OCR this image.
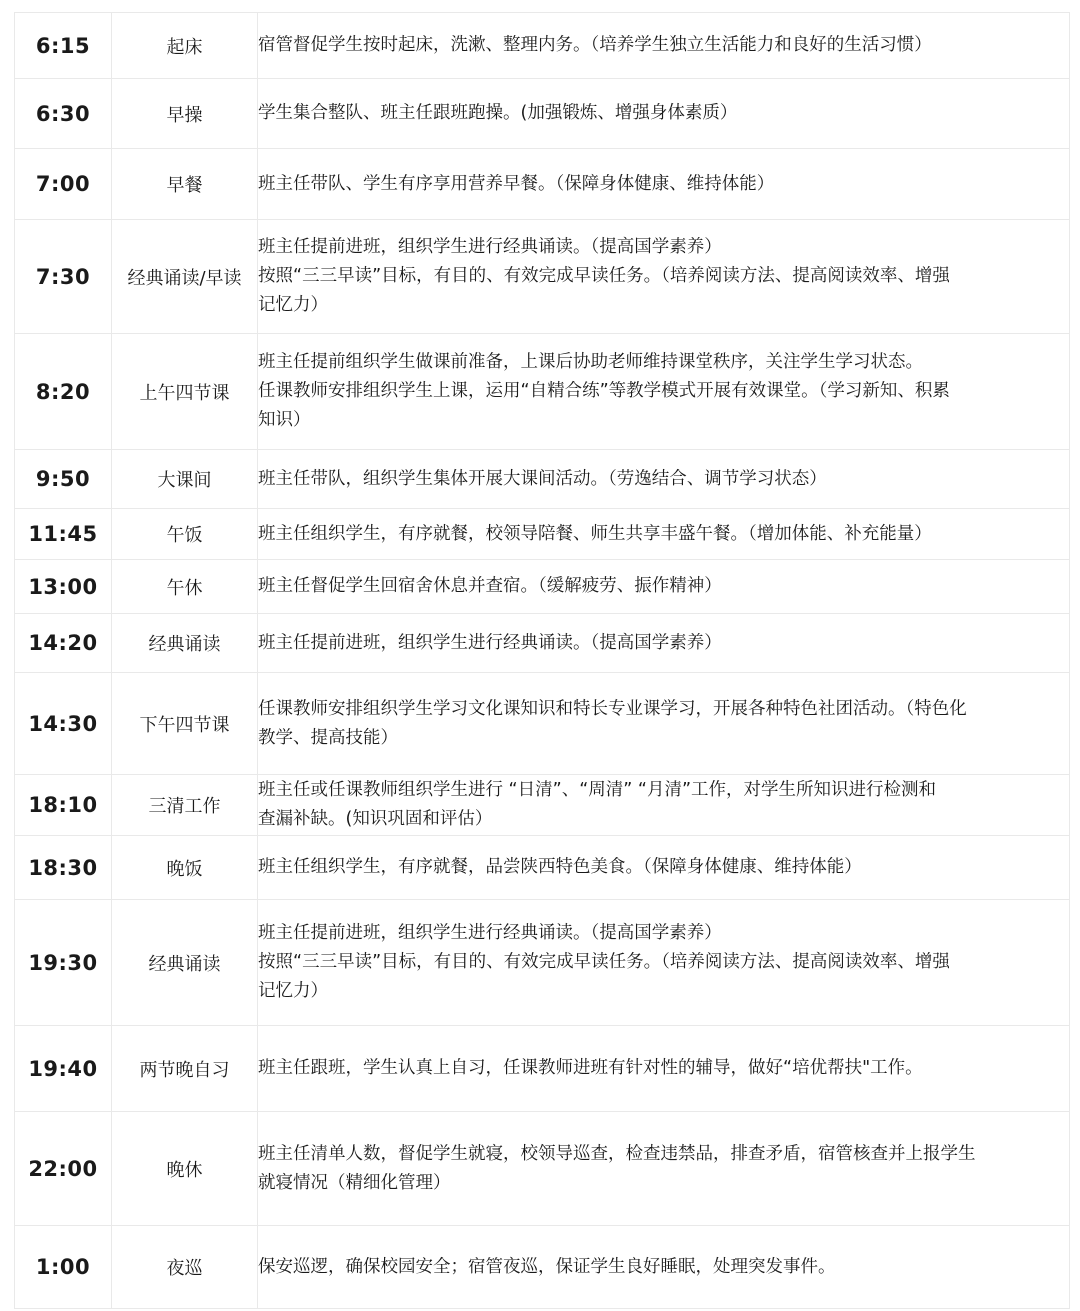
6:15	起床	宿管督促学生按时起床，洗漱、整理内务。（培养学生独立生活能力和良好的生活习惯）

6:30	早操	学生集合整队、班主任跟班跑操。(加强锻炼、增强身体素质）

7:00	早餐	班主任带队、学生有序享用营养早餐。（保障身体健康、维持体能）

7:30	经典诵读/早读	班主任提前进班，组织学生进行经典诵读。（提高国学素养）
按照“三三早读”目标，有目的、有效完成早读任务。（培养阅读方法、提高阅读效率、增强
记忆力）

8:20	上午四节课	班主任提前组织学生做课前准备，上课后协助老师维持课堂秩序，关注学生学习状态。
任课教师安排组织学生上课，运用“自精合练”等教学模式开展有效课堂。（学习新知、积累
知识）

9:50	大课间	班主任带队，组织学生集体开展大课间活动。（劳逸结合、调节学习状态）

11:45	午饭	班主任组织学生，有序就餐，校领导陪餐、师生共享丰盛午餐。（增加体能、补充能量）

13:00	午休	班主任督促学生回宿舍休息并查宿。（缓解疲劳、振作精神）

14:20	经典诵读	班主任提前进班，组织学生进行经典诵读。（提高国学素养）

14:30	下午四节课	任课教师安排组织学生学习文化课知识和特长专业课学习，开展各种特色社团活动。（特色化
教学、提高技能）

18:10	三清工作	班主任或任课教师组织学生进行 “日清”、“周清” “月清”工作，对学生所知识进行检测和
查漏补缺。(知识巩固和评估）

18:30	晚饭	班主任组织学生，有序就餐，品尝陕西特色美食。（保障身体健康、维持体能）

19:30	经典诵读	班主任提前进班，组织学生进行经典诵读。（提高国学素养）
按照“三三早读”目标，有目的、有效完成早读任务。（培养阅读方法、提高阅读效率、增强
记忆力）

19:40	两节晚自习	班主任跟班，学生认真上自习，任课教师进班有针对性的辅导，做好“培优帮扶"工作。

22:00	晚休	班主任清单人数，督促学生就寝，校领导巡查，检查违禁品，排查矛盾，宿管核查并上报学生
就寝情况（精细化管理）

1:00	夜巡	保安巡逻，确保校园安全；宿管夜巡，保证学生良好睡眠，处理突发事件。
